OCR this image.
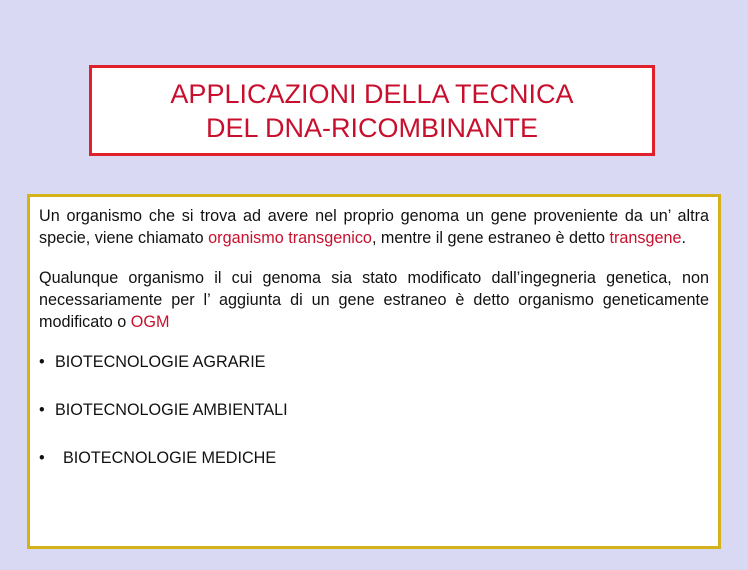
APPLICAZIONI DELLA TECNICA
DEL DNA-RICOMBINANTE

Un organismo che si trova ad avere nel proprio genoma un gene proveniente da un’ altra specie, viene chiamato organismo transgenico, mentre il gene estraneo è detto transgene.

Qualunque organismo il cui genoma sia stato modificato dall’ingegneria genetica, non necessariamente per l’ aggiunta di un gene estraneo è detto organismo geneticamente modificato o OGM

• BIOTECNOLOGIE AGRARIE
• BIOTECNOLOGIE AMBIENTALI
•	BIOTECNOLOGIE MEDICHE
